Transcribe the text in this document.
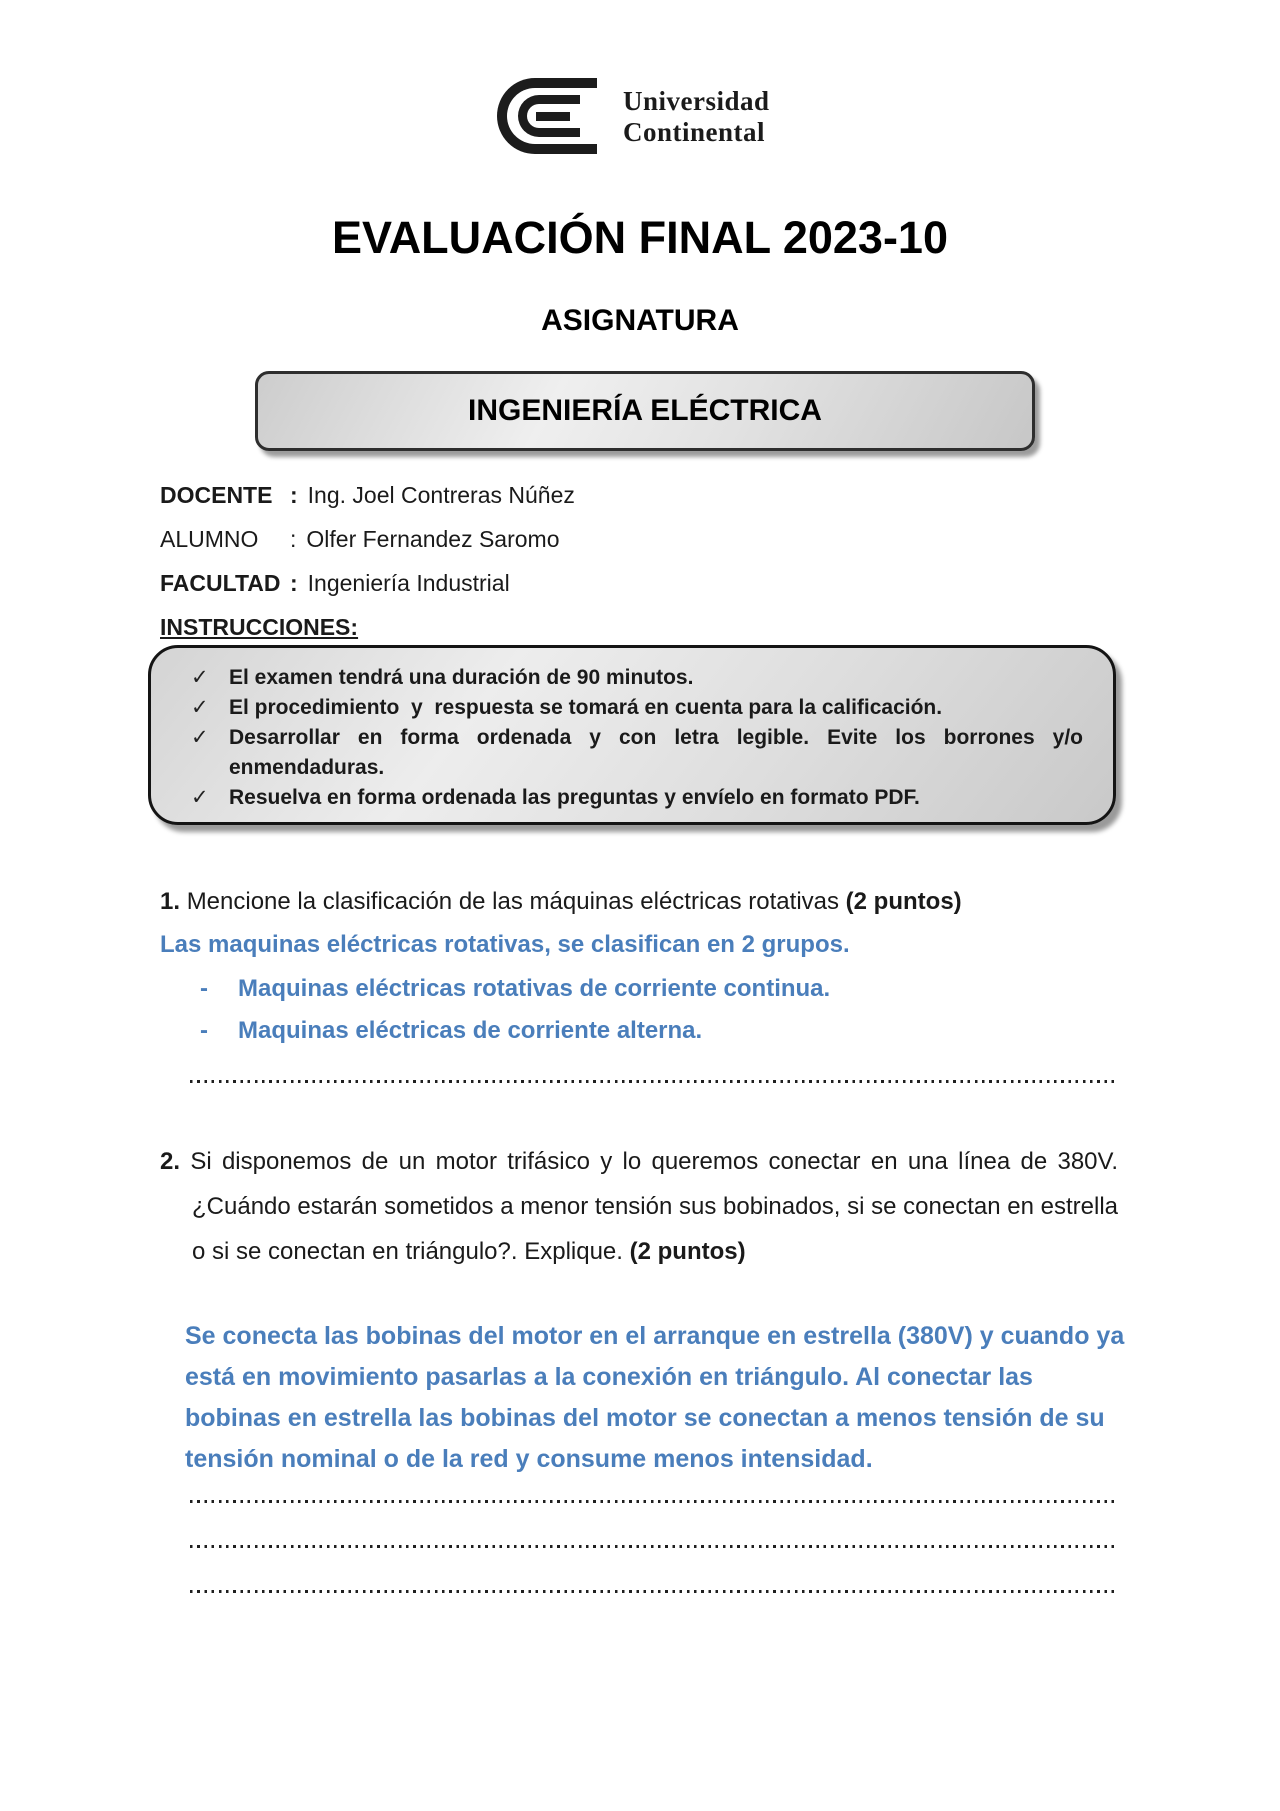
Universidad
Continental
EVALUACIÓN FINAL 2023-10
ASIGNATURA
INGENIERÍA ELÉCTRICA
DOCENTE : Ing. Joel Contreras Núñez
ALUMNO	: Olfer Fernandez Saromo
FACULTAD : Ingeniería Industrial
INSTRUCCIONES:
✓ El examen tendrá una duración de 90 minutos.
✓ El procedimiento  y  respuesta se tomará en cuenta para la calificación.
✓ Desarrollar en forma ordenada y con letra legible. Evite los borrones y/o enmendaduras.
✓ Resuelva en forma ordenada las preguntas y envíelo en formato PDF.
1. Mencione la clasificación de las máquinas eléctricas rotativas (2 puntos)

Las maquinas eléctricas rotativas, se clasifican en 2 grupos.

-	Maquinas eléctricas rotativas de corriente continua.
-	Maquinas eléctricas de corriente alterna.

2. Si disponemos de un motor trifásico y lo queremos conectar en una línea de 380V. ¿Cuándo estarán sometidos a menor tensión sus bobinados, si se conectan en estrella o si se conectan en triángulo?. Explique. (2 puntos)

Se conecta las bobinas del motor en el arranque en estrella (380V) y cuando ya está en movimiento pasarlas a la conexión en triángulo. Al conectar las bobinas en estrella las bobinas del motor se conectan a menos tensión de su tensión nominal o de la red y consume menos intensidad.
